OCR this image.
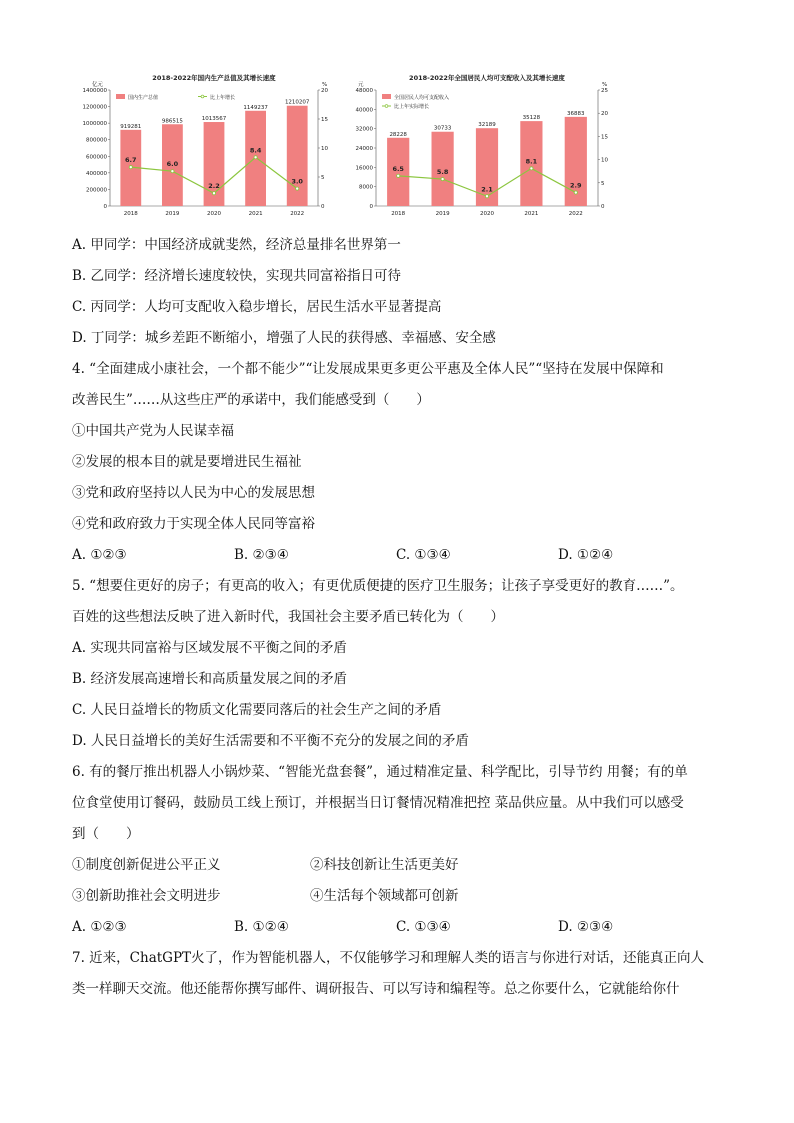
2018-2022年国内生产总值及其增长速度
亿元	%
1400000
1200000
1000000
800000
600000
400000
200000
0
20
15
10
5
0
2018	2019	2020	2021	2022
919281
986515	1013567
1149237
1210207
6.7
6.0
2.2
8.4
3.0
国内生产总值	比上年增长
2018-2022年全国居民人均可支配收入及其增长速度
元	%
48000
40000
32000
24000
16000
8000
0
25
20
15
10
5
0
2018	2019	2020	2021	2022
28228
30733
32189
35128
36883
6.5	5.8
2.1
8.1
2.9
全国居民人均可支配收入
比上年实际增长
A. 甲同学：中国经济成就斐然，经济总量排名世界第一
B. 乙同学：经济增长速度较快，实现共同富裕指日可待
C. 丙同学：人均可支配收入稳步增长，居民生活水平显著提高
D. 丁同学：城乡差距不断缩小，增强了人民的获得感、幸福感、安全感
4. “全面建成小康社会，一个都不能少”“让发展成果更多更公平惠及全体人民”“坚持在发展中保障和
改善民生”……从这些庄严的承诺中，我们能感受到（　　）
①中国共产党为人民谋幸福
②发展的根本目的就是要增进民生福祉
③党和政府坚持以人民为中心的发展思想
④党和政府致力于实现全体人民同等富裕
A. ①②③	B. ②③④	C. ①③④	D. ①②④
5. “想要住更好的房子；有更高的收入；有更优质便捷的医疗卫生服务；让孩子享受更好的教育……”。
百姓的这些想法反映了进入新时代，我国社会主要矛盾已转化为（　　）
A. 实现共同富裕与区域发展不平衡之间的矛盾
B. 经济发展高速增长和高质量发展之间的矛盾
C. 人民日益增长的物质文化需要同落后的社会生产之间的矛盾
D. 人民日益增长的美好生活需要和不平衡不充分的发展之间的矛盾
6. 有的餐厅推出机器人小锅炒菜、“智能光盘套餐”，通过精准定量、科学配比，引导节约 用餐；有的单
位食堂使用订餐码，鼓励员工线上预订，并根据当日订餐情况精准把控 菜品供应量。从中我们可以感受
到（　　）
①制度创新促进公平正义	②科技创新让生活更美好
③创新助推社会文明进步	④生活每个领域都可创新
A. ①②③	B. ①②④	C. ①③④	D. ②③④
7. 近来，ChatGPT火了，作为智能机器人，不仅能够学习和理解人类的语言与你进行对话，还能真正向人
类一样聊天交流。他还能帮你撰写邮件、调研报告、可以写诗和编程等。总之你要什么，它就能给你什
